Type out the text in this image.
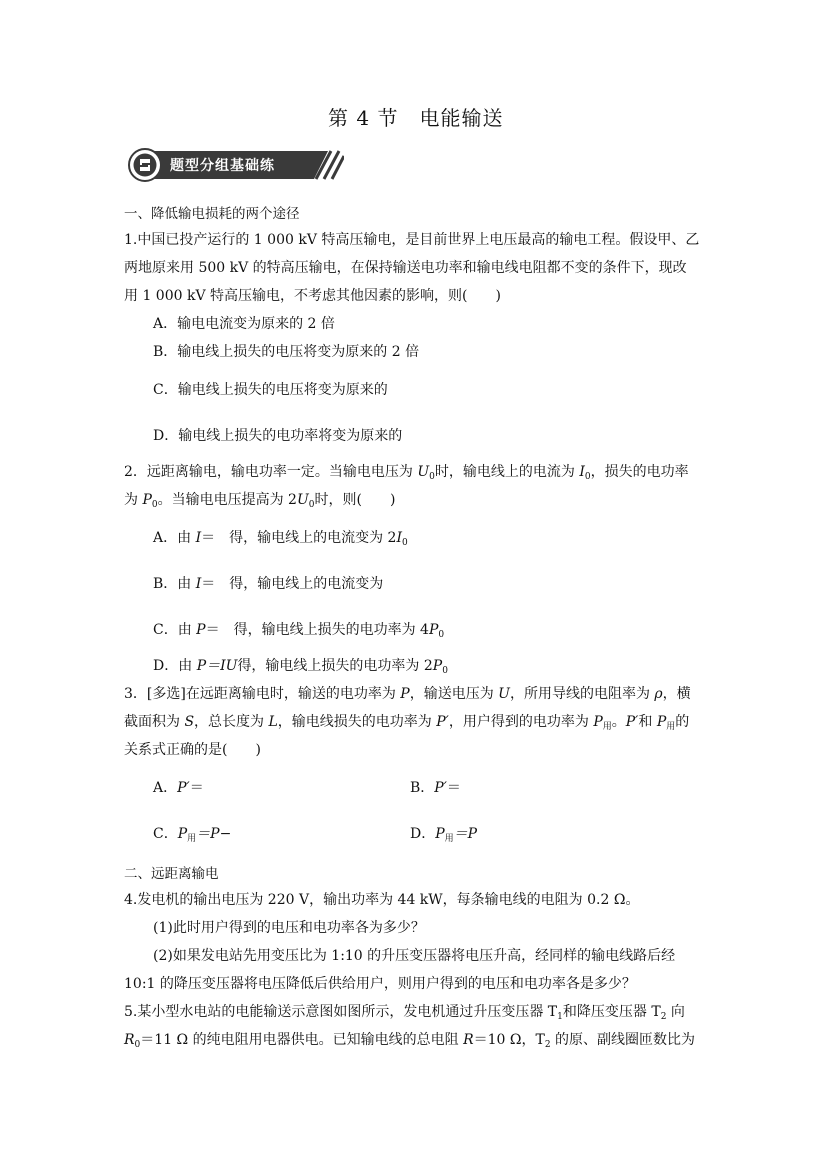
第 4 节　电能输送
题型分组基础练
一、降低输电损耗的两个途径
1.中国已投产运行的 1 000 kV 特高压输电，是目前世界上电压最高的输电工程。假设甲、乙
两地原来用 500 kV 的特高压输电，在保持输送电功率和输电线电阻都不变的条件下，现改
用 1 000 kV 特高压输电，不考虑其他因素的影响，则(　　)
A．输电电流变为原来的 2 倍
B．输电线上损失的电压将变为原来的 2 倍
C．输电线上损失的电压将变为原来的
D．输电线上损失的电功率将变为原来的
2．远距离输电，输电功率一定。当输电电压为 $U_0$时，输电线上的电流为 $I_0$，损失的电功率
为 $P_0$。当输电电压提高为 $2U_0$时，则(　　)
A．由 I＝　得，输电线上的电流变为 $2I_0$
B．由 I＝　得，输电线上的电流变为
C．由 P＝　得，输电线上损失的电功率为 $4P_0$
D．由 P＝IU得，输电线上损失的电功率为 $2P_0$
3．[多选]在远距离输电时，输送的电功率为 P，输送电压为 U，所用导线的电阻率为 ρ，横
截面积为 S，总长度为 L，输电线损失的电功率为 P′，用户得到的电功率为 $P_用$。P′和 $P_用$的
关系式正确的是(　　)
A．P′＝	B．P′＝
C．$P_用=P-$	D．$P_用=P$
二、远距离输电
4.发电机的输出电压为 220 V，输出功率为 44 kW，每条输电线的电阻为 0.2 Ω。
(1)此时用户得到的电压和电功率各为多少？
(2)如果发电站先用变压比为 1:10 的升压变压器将电压升高，经同样的输电线路后经
10:1 的降压变压器将电压降低后供给用户，则用户得到的电压和电功率各是多少？
5.某小型水电站的电能输送示意图如图所示，发电机通过升压变压器 $T_1$和降压变压器 $T_2$ 向
$R_0=11$ Ω 的纯电阻用电器供电。已知输电线的总电阻 R＝10 Ω，$T_2$ 的原、副线圈匝数比为
